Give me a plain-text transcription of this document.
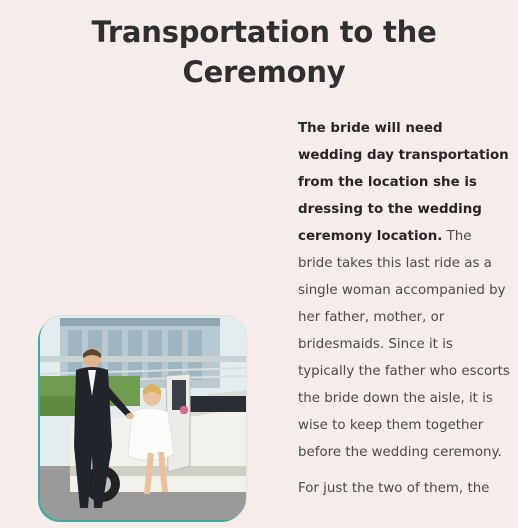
Transportation to the
Ceremony

The bride will need wedding day transportation from the location she is dressing to the wedding ceremony location. The bride takes this last ride as a single woman accompanied by her father, mother, or bridesmaids. Since it is typically the father who escorts the bride down the aisle, it is wise to keep them together before the wedding ceremony.

For just the two of them, the
